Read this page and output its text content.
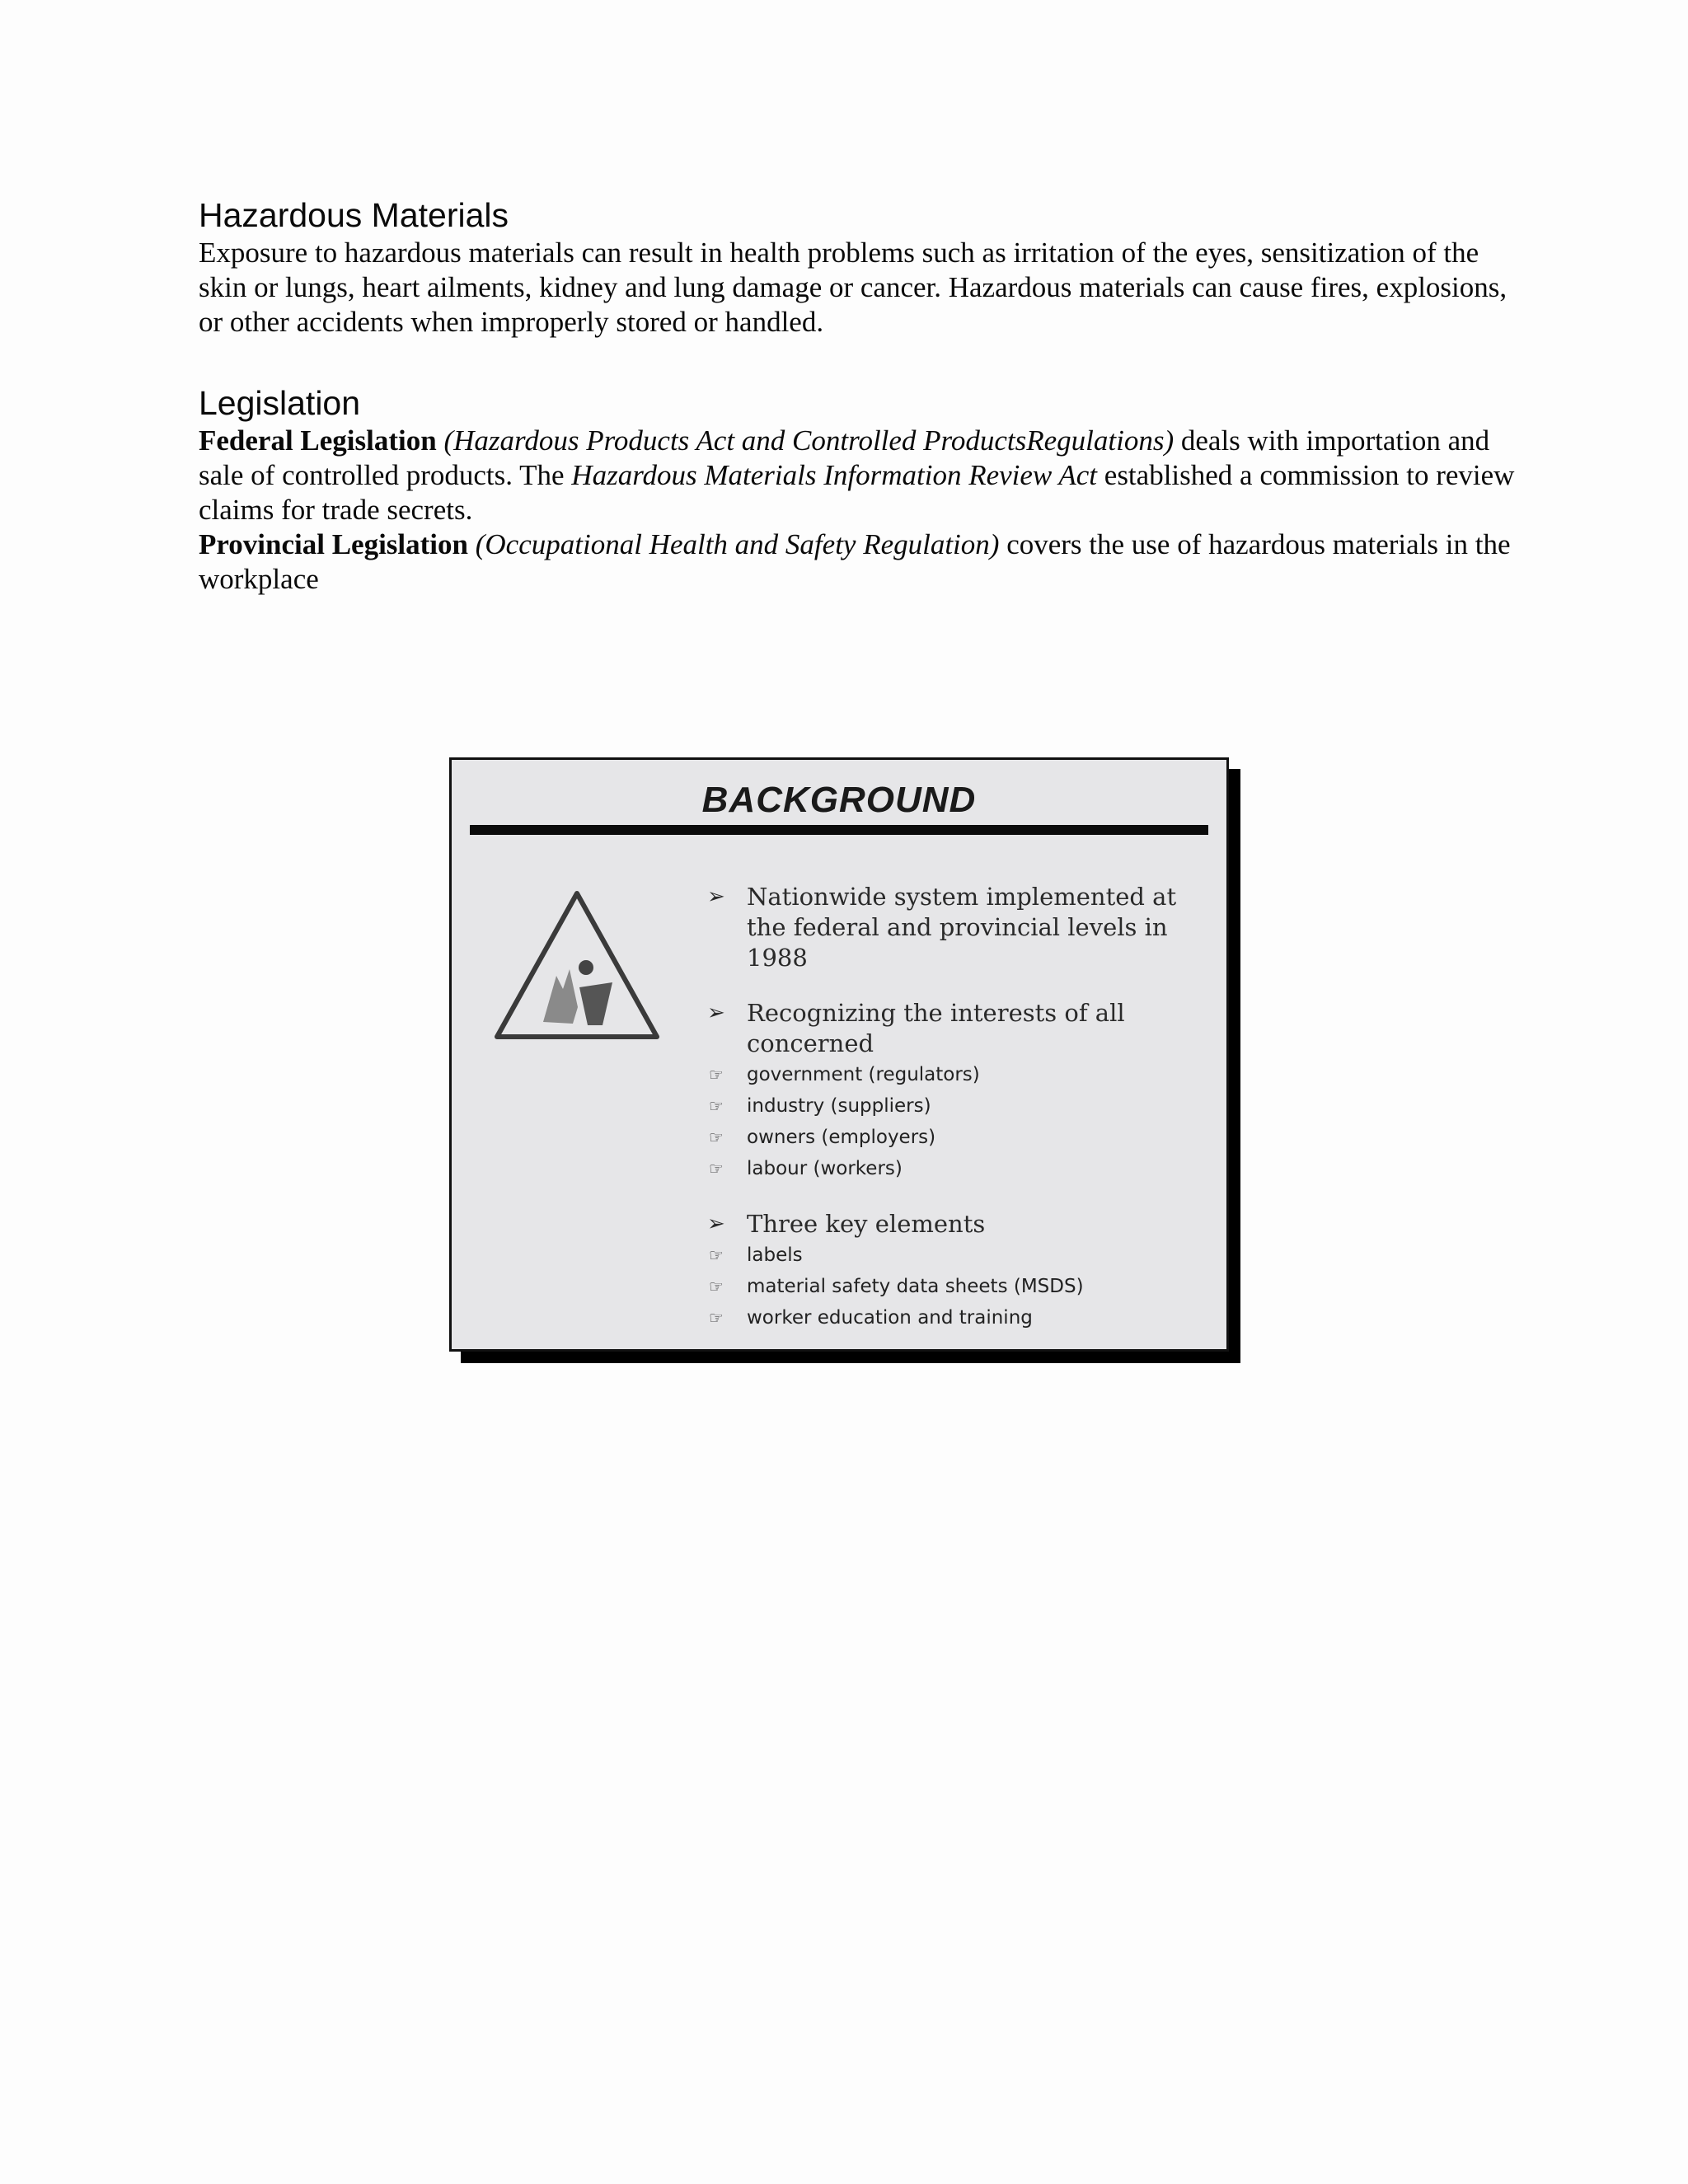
Hazardous Materials

Exposure to hazardous materials can result in health problems such as irritation of the eyes, sensitization of the skin or lungs, heart ailments, kidney and lung damage or cancer. Hazardous materials can cause fires, explosions, or other accidents when improperly stored or handled.

Legislation

Federal Legislation (Hazardous Products Act and Controlled ProductsRegulations) deals with importation and sale of controlled products. The Hazardous Materials Information Review Act established a commission to review claims for trade secrets.

Provincial Legislation (Occupational Health and Safety Regulation) covers the use of hazardous materials in the workplace

BACKGROUND
➢ Nationwide system implemented at the federal and provincial levels in 1988
➢ Recognizing the interests of all concerned
☞ government (regulators)
☞ industry (suppliers)
☞ owners (employers)
☞ labour (workers)
➢ Three key elements
☞ labels
☞ material safety data sheets (MSDS)
☞ worker education and training
